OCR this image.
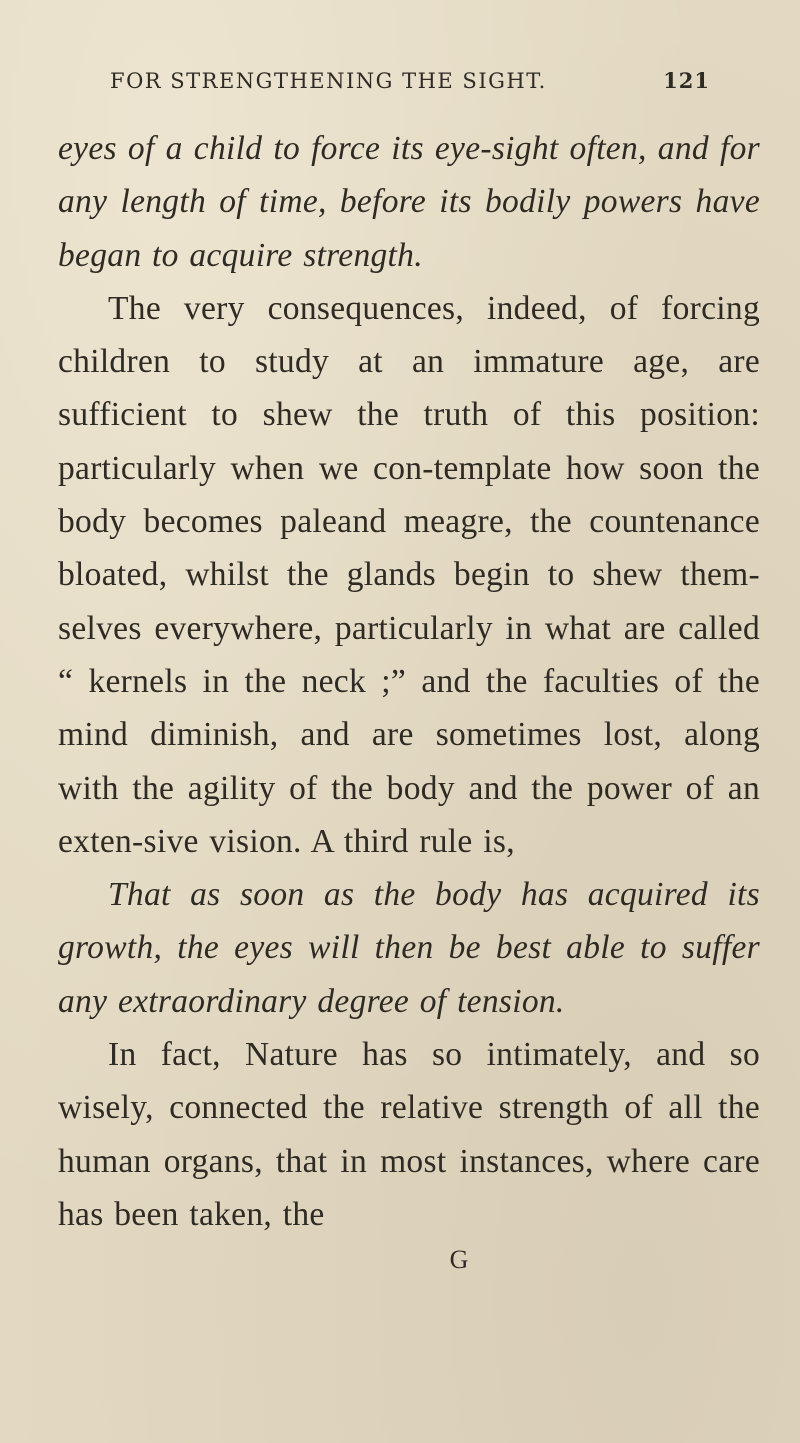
FOR STRENGTHENING THE SIGHT.	121

eyes of a child to force its eye-sight often, and for any length of time, before its bodily powers have began to acquire strength.

The very consequences, indeed, of forcing children to study at an immature age, are sufficient to shew the truth of this position: particularly when we con-template how soon the body becomes paleand meagre, the countenance bloated, whilst the glands begin to shew them-selves everywhere, particularly in what are called “ kernels in the neck ;” and the faculties of the mind diminish, and are sometimes lost, along with the agility of the body and the power of an exten-sive vision. A third rule is,

That as soon as the body has acquired its growth, the eyes will then be best able to suffer any extraordinary degree of tension.

In fact, Nature has so intimately, and so wisely, connected the relative strength of all the human organs, that in most instances, where care has been taken, the

G
